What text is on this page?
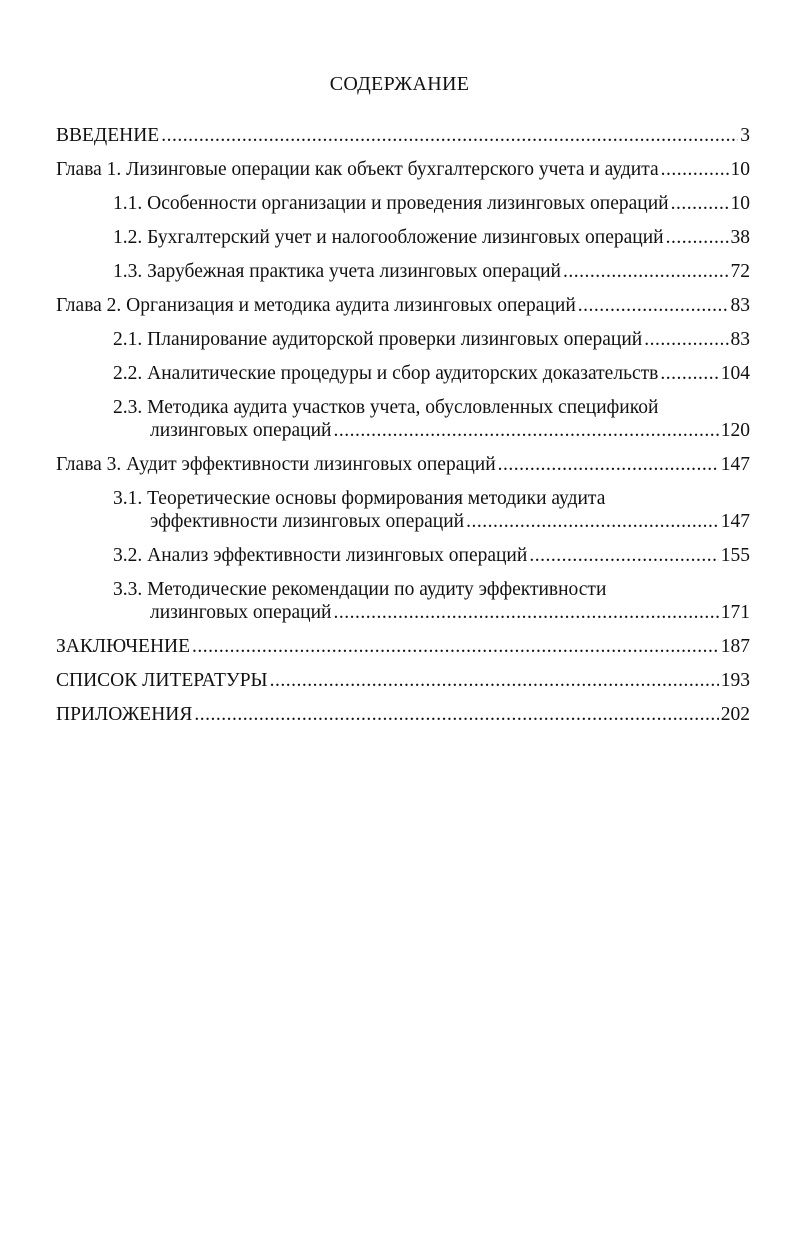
СОДЕРЖАНИЕ
ВВЕДЕНИЕ .....	3
Глава 1. Лизинговые операции как объект бухгалтерского учета и аудита .....	10
1.1. Особенности организации и проведения лизинговых операций .....	10
1.2. Бухгалтерский учет и налогообложение лизинговых операций .....	38
1.3. Зарубежная практика учета лизинговых операций .....	72
Глава 2. Организация и методика аудита лизинговых операций .....	83
2.1. Планирование аудиторской проверки лизинговых операций .....	83
2.2. Аналитические процедуры и сбор аудиторских доказательств .....	104
2.3. Методика аудита участков учета, обусловленных спецификой
лизинговых операций .....	120
Глава 3. Аудит эффективности лизинговых операций .....	147
3.1. Теоретические основы формирования методики аудита
эффективности лизинговых операций .....	147
3.2. Анализ эффективности лизинговых операций .....	155
3.3. Методические рекомендации по аудиту эффективности
лизинговых операций .....	171
ЗАКЛЮЧЕНИЕ .....	187
СПИСОК ЛИТЕРАТУРЫ .....	193
ПРИЛОЖЕНИЯ .....	202
